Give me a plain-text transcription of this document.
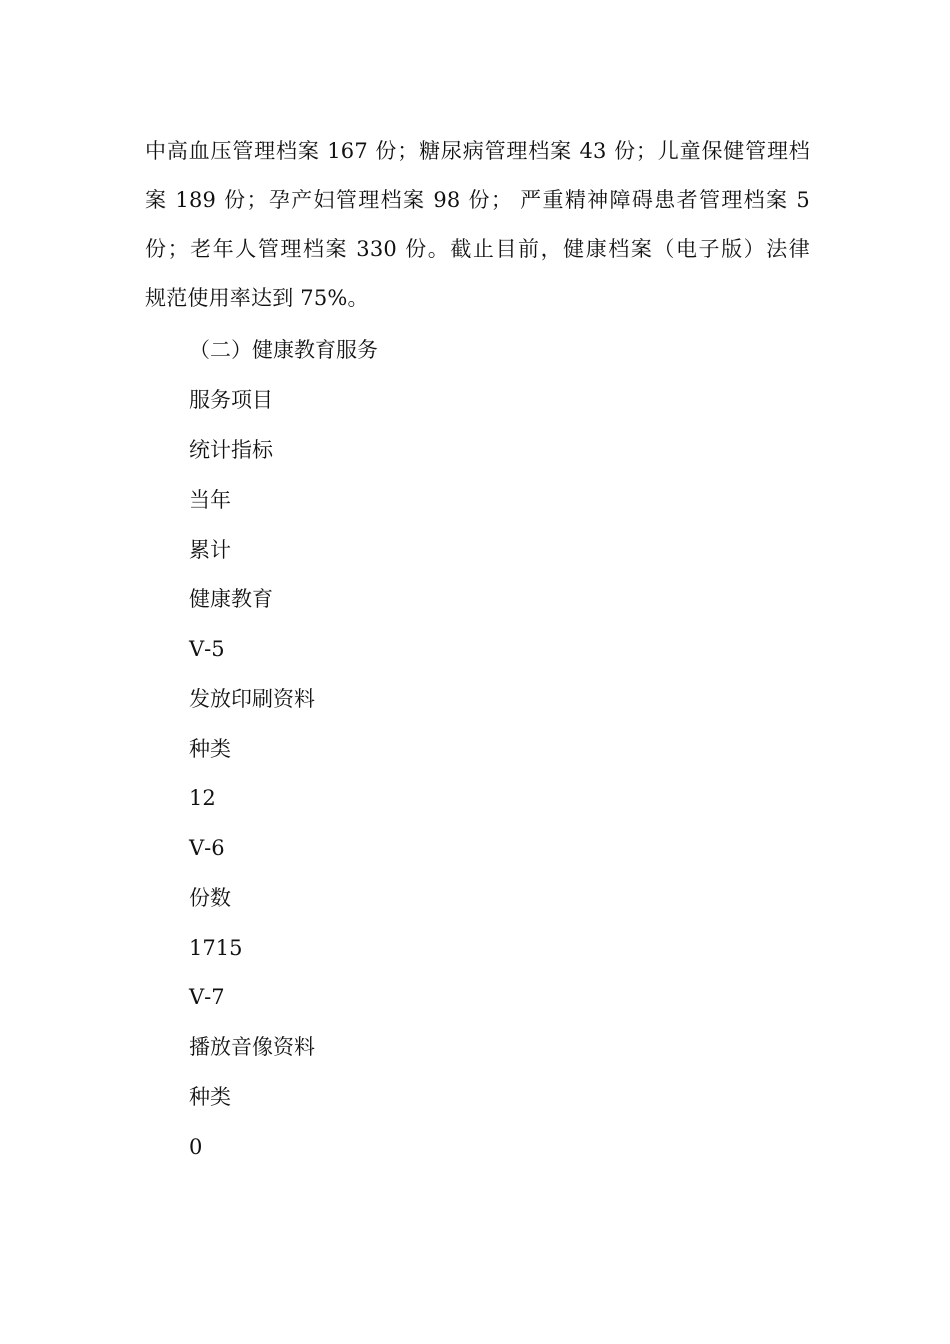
中高血压管理档案 167 份；糖尿病管理档案 43 份；儿童保健管理档
案 189 份；孕产妇管理档案 98 份； 严重精神障碍患者管理档案 5
份；老年人管理档案 330 份。截止目前，健康档案（电子版）法律
规范使用率达到 75%。
（二）健康教育服务
服务项目
统计指标
当年
累计
健康教育
Ⅴ-5
发放印刷资料
种类
12
Ⅴ-6
份数
1715
Ⅴ-7
播放音像资料
种类
0
